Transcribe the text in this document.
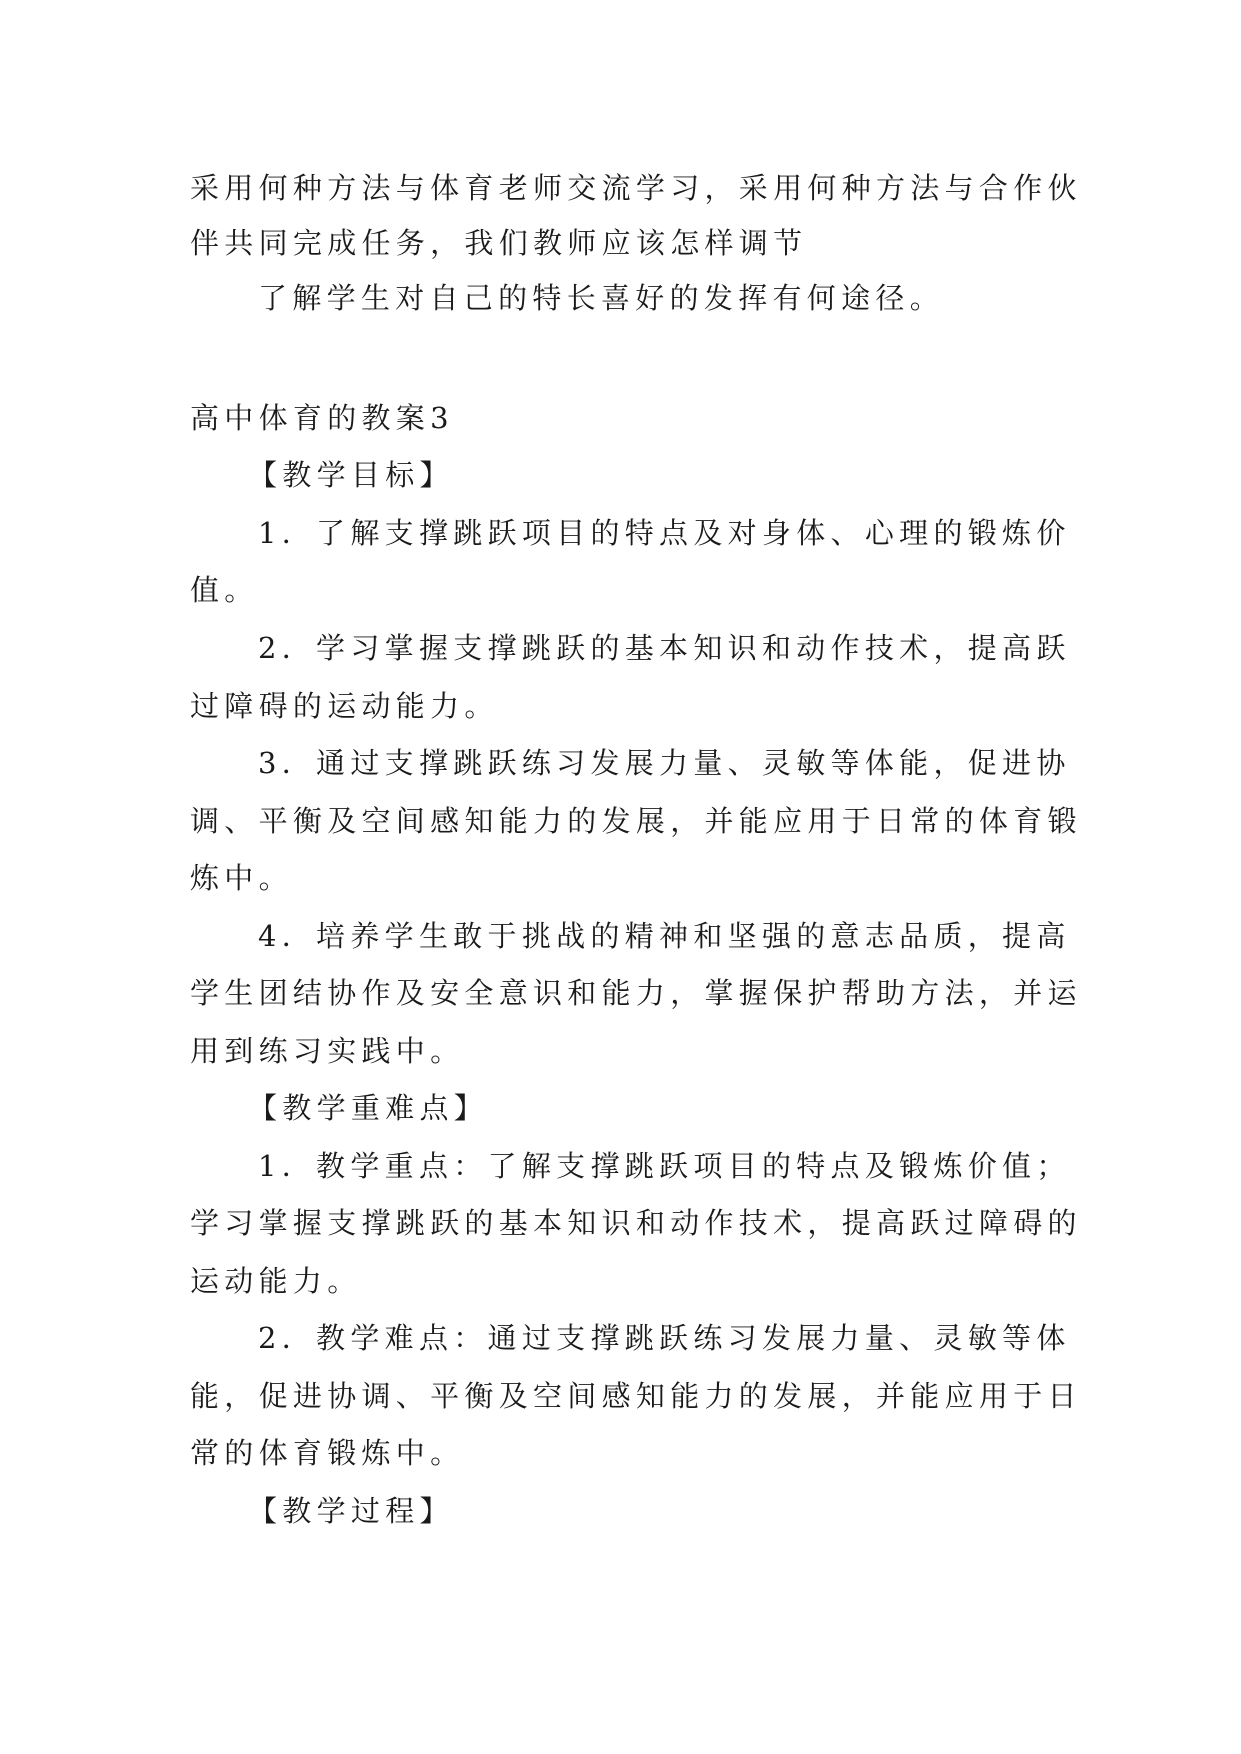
采用何种方法与体育老师交流学习，采用何种方法与合作伙
伴共同完成任务，我们教师应该怎样调节
了解学生对自己的特长喜好的发挥有何途径。
高中体育的教案3
【教学目标】
1．了解支撑跳跃项目的特点及对身体、心理的锻炼价
值。
2．学习掌握支撑跳跃的基本知识和动作技术，提高跃
过障碍的运动能力。
3．通过支撑跳跃练习发展力量、灵敏等体能，促进协
调、平衡及空间感知能力的发展，并能应用于日常的体育锻
炼中。
4．培养学生敢于挑战的精神和坚强的意志品质，提高
学生团结协作及安全意识和能力，掌握保护帮助方法，并运
用到练习实践中。
【教学重难点】
1．教学重点：了解支撑跳跃项目的特点及锻炼价值；
学习掌握支撑跳跃的基本知识和动作技术，提高跃过障碍的
运动能力。
2．教学难点：通过支撑跳跃练习发展力量、灵敏等体
能，促进协调、平衡及空间感知能力的发展，并能应用于日
常的体育锻炼中。
【教学过程】
